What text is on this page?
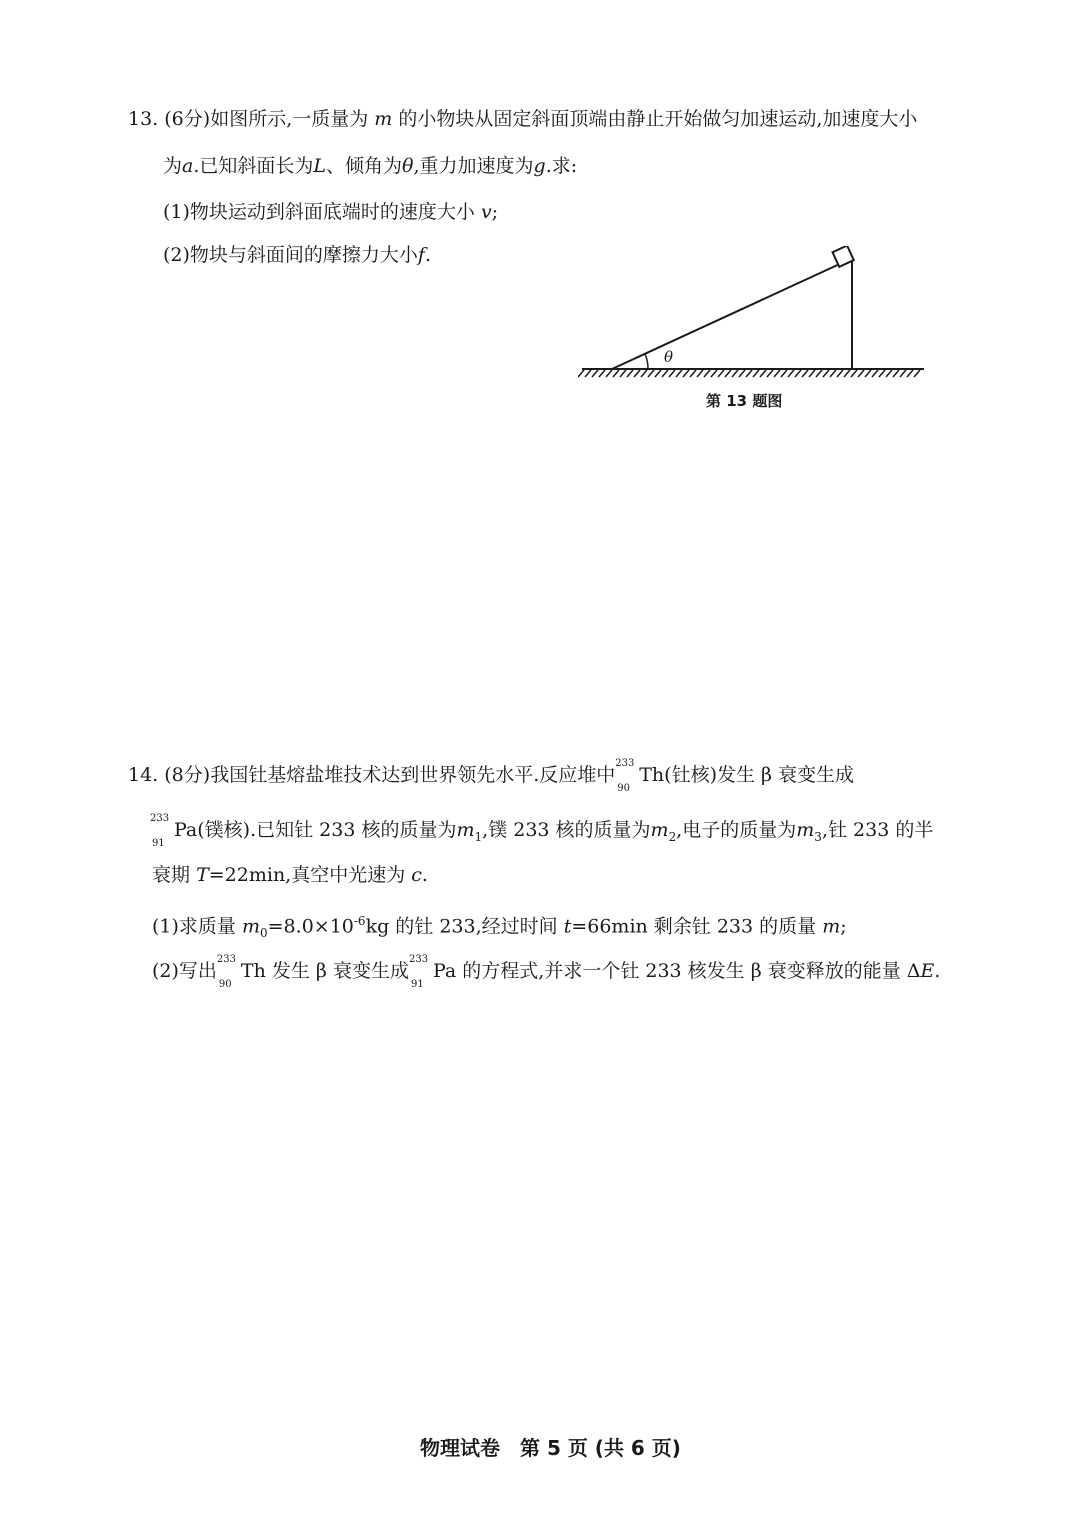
13. (6分)如图所示,一质量为 m 的小物块从固定斜面顶端由静止开始做匀加速运动,加速度大小
为a.已知斜面长为L、倾角为θ,重力加速度为g.求:
(1)物块运动到斜面底端时的速度大小 v;
(2)物块与斜面间的摩擦力大小f.
θ
第 13 题图
14. (8分)我国钍基熔盐堆技术达到世界领先水平.反应堆中
233
90
Th(钍核)发生 β 衰变生成
233
91
Pa(镤核).已知钍 233 核的质量为$m_1$,镤 233 核的质量为$m_2$,电子的质量为$m_3$,钍 233 的半
衰期 T=22min,真空中光速为 c.
(1)求质量 $m_0=8.0\times 10^{-6}kg$ 的钍 233,经过时间 t=66min 剩余钍 233 的质量 m;
(2)写出
233
90
Th 发生 β 衰变生成
233
91
Pa 的方程式,并求一个钍 233 核发生 β 衰变释放的能量 ΔE.
物理试卷　第 5 页 (共 6 页)
